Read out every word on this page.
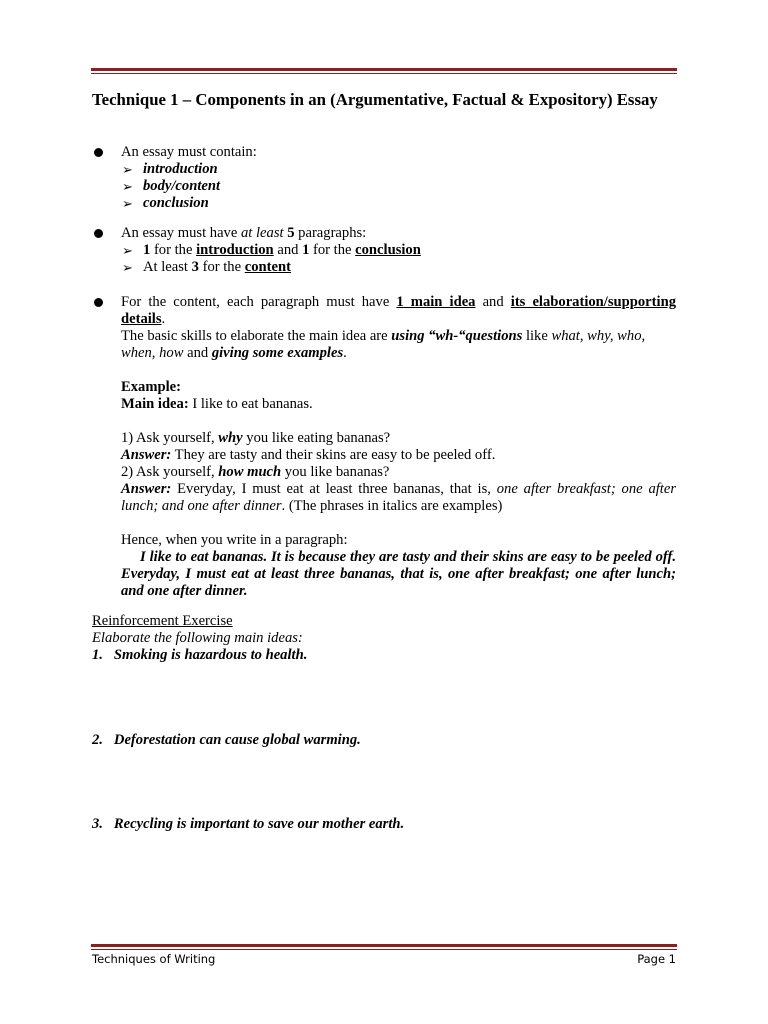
Technique 1 – Components in an (Argumentative, Factual & Expository) Essay

An essay must contain:

➢ introduction
➢ body/content
➢ conclusion

An essay must have at least 5 paragraphs:

➢ 1 for the introduction and 1 for the conclusion
➢ At least 3 for the content

For the content, each paragraph must have 1 main idea and its elaboration/supporting details.

The basic skills to elaborate the main idea are using “wh-“questions like what, why, who, when, how and giving some examples.

Example:

Main idea: I like to eat bananas.

1) Ask yourself, why you like eating bananas?

Answer: They are tasty and their skins are easy to be peeled off.

2) Ask yourself, how much you like bananas?

Answer: Everyday, I must eat at least three bananas, that is, one after breakfast; one after lunch; and one after dinner. (The phrases in italics are examples)

Hence, when you write in a paragraph:

I like to eat bananas. It is because they are tasty and their skins are easy to be peeled off. Everyday, I must eat at least three bananas, that is, one after breakfast; one after lunch; and one after dinner.

Reinforcement Exercise

Elaborate the following main ideas:

1. Smoking is hazardous to health.

2. Deforestation can cause global warming.

3. Recycling is important to save our mother earth.

Techniques of Writing	Page 1
